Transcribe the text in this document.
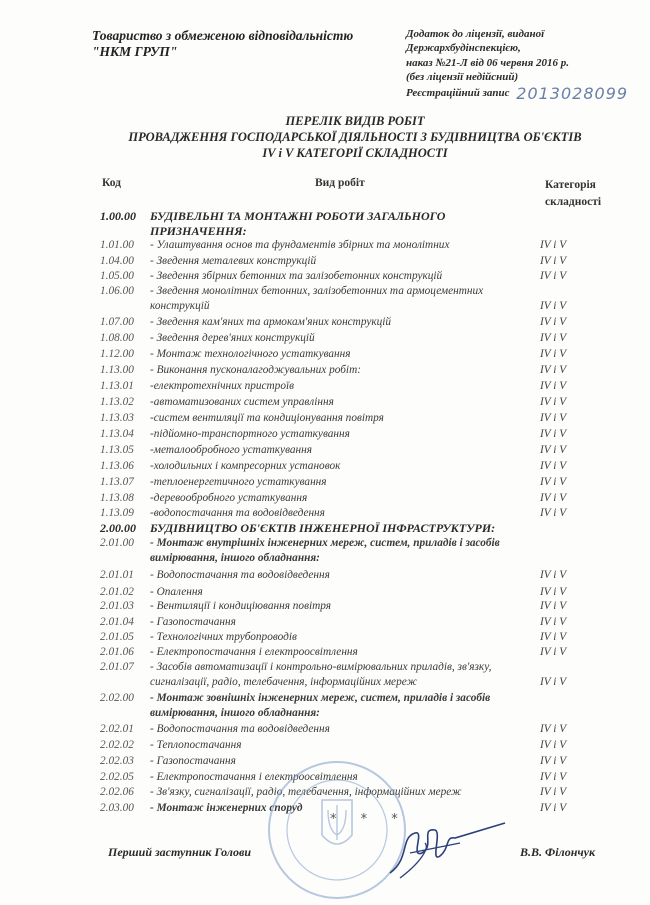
Товариство з обмеженою відповідальністю
"НКМ ГРУП"
Додаток до ліцензії, виданої
Держархбудінспекцією,
наказ №21-Л від 06 червня 2016 р.
(без ліцензії недійсний)
Реєстраційний запис 2013028099
ПЕРЕЛІК ВИДІВ РОБІТ
ПРОВАДЖЕННЯ ГОСПОДАРСЬКОЇ ДІЯЛЬНОСТІ З БУДІВНИЦТВА ОБ'ЄКТІВ
IV і V КАТЕГОРІЇ СКЛАДНОСТІ
Код	Вид робіт	Категорія
складності
1.00.00	БУДІВЕЛЬНІ ТА МОНТАЖНІ РОБОТИ ЗАГАЛЬНОГО ПРИЗНАЧЕННЯ:
1.01.00	- Улаштування основ та фундаментів збірних та монолітних	IV і V
1.04.00	- Зведення металевих конструкцій	IV і V
1.05.00	- Зведення збірних бетонних та залізобетонних конструкцій	IV і V
1.06.00	- Зведення монолітних бетонних, залізобетонних та армоцементних конструкцій	IV і V
1.07.00	- Зведення кам'яних та армокам'яних конструкцій	IV і V
1.08.00	- Зведення дерев'яних конструкцій	IV і V
1.12.00	- Монтаж технологічного устаткування	IV і V
1.13.00	- Виконання пусконалагоджувальних робіт:	IV і V
1.13.01	-електротехнічних пристроїв	IV і V
1.13.02	-автоматизованих систем управління	IV і V
1.13.03	-систем вентиляції та кондиціонування повітря	IV і V
1.13.04	-підйомно-транспортного устаткування	IV і V
1.13.05	-металообробного устаткування	IV і V
1.13.06	-холодильних і компресорних установок	IV і V
1.13.07	-теплоенергетичного устаткування	IV і V
1.13.08	-деревообробного устаткування	IV і V
1.13.09	-водопостачання та водовідведення	IV і V
2.00.00	БУДІВНИЦТВО ОБ'ЄКТІВ ІНЖЕНЕРНОЇ ІНФРАСТРУКТУРИ:
2.01.00	- Монтаж внутрішніх інженерних мереж, систем, приладів і засобів вимірювання, іншого обладнання:
2.01.01	- Водопостачання та водовідведення	IV і V
2.01.02	- Опалення	IV і V
2.01.03	- Вентиляції і кондиціювання повітря	IV і V
2.01.04	- Газопостачання	IV і V
2.01.05	- Технологічних трубопроводів	IV і V
2.01.06	- Електропостачання і електроосвітлення	IV і V
2.01.07	- Засобів автоматизації і контрольно-вимірювальних приладів, зв'язку, сигналізації, радіо, телебачення, інформаційних мереж	IV і V
2.02.00	- Монтаж зовнішніх інженерних мереж, систем, приладів і засобів вимірювання, іншого обладнання:
2.02.01	- Водопостачання та водовідведення	IV і V
2.02.02	- Теплопостачання	IV і V
2.02.03	- Газопостачання	IV і V
2.02.05	- Електропостачання і електроосвітлення	IV і V
2.02.06	- Зв'язку, сигналізації, радіо, телебачення, інформаційних мереж	IV і V
2.03.00	- Монтаж інженерних споруд	IV і V
* * *
Перший заступник Голови	В.В. Філончук
